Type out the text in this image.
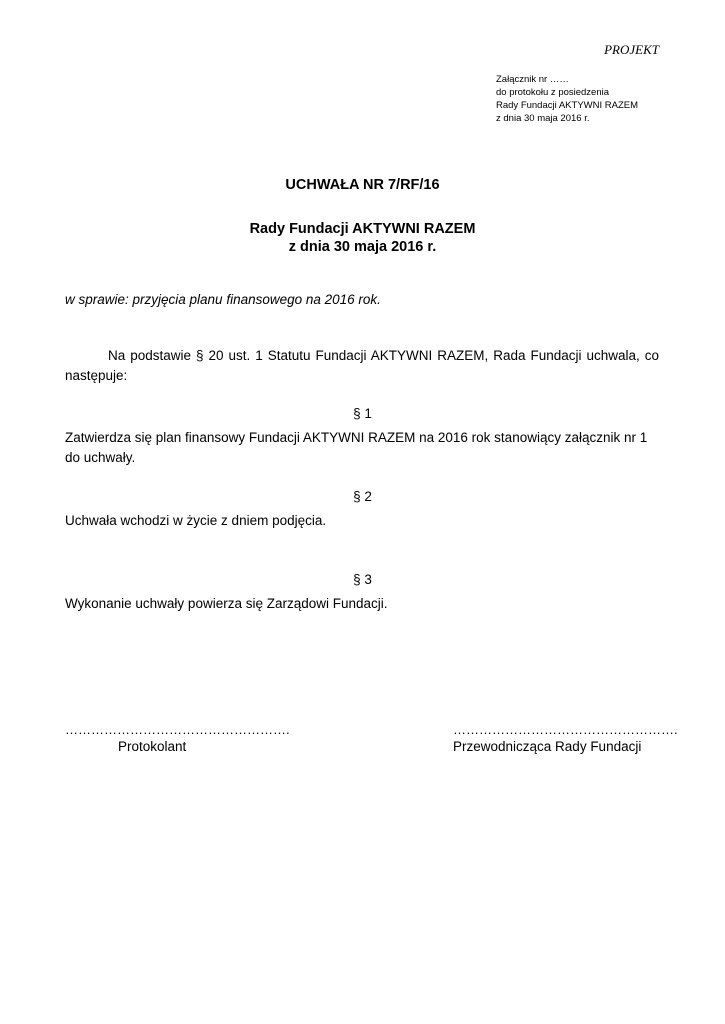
PROJEKT
Załącznik nr ……
do protokołu z posiedzenia
Rady Fundacji AKTYWNI RAZEM
z dnia 30 maja 2016 r.
UCHWAŁA NR 7/RF/16
Rady Fundacji AKTYWNI RAZEM
z dnia 30 maja 2016 r.
w sprawie: przyjęcia planu finansowego na 2016 rok.
Na podstawie § 20 ust. 1 Statutu Fundacji AKTYWNI RAZEM, Rada Fundacji uchwala, co następuje:
§ 1
Zatwierdza się plan finansowy Fundacji AKTYWNI RAZEM na 2016 rok stanowiący załącznik nr 1 do uchwały.
§ 2
Uchwała wchodzi w życie z dniem podjęcia.
§ 3
Wykonanie uchwały powierza się Zarządowi Fundacji.
…………………………………………….
Protokolant
…………………………………………….
Przewodnicząca Rady Fundacji
